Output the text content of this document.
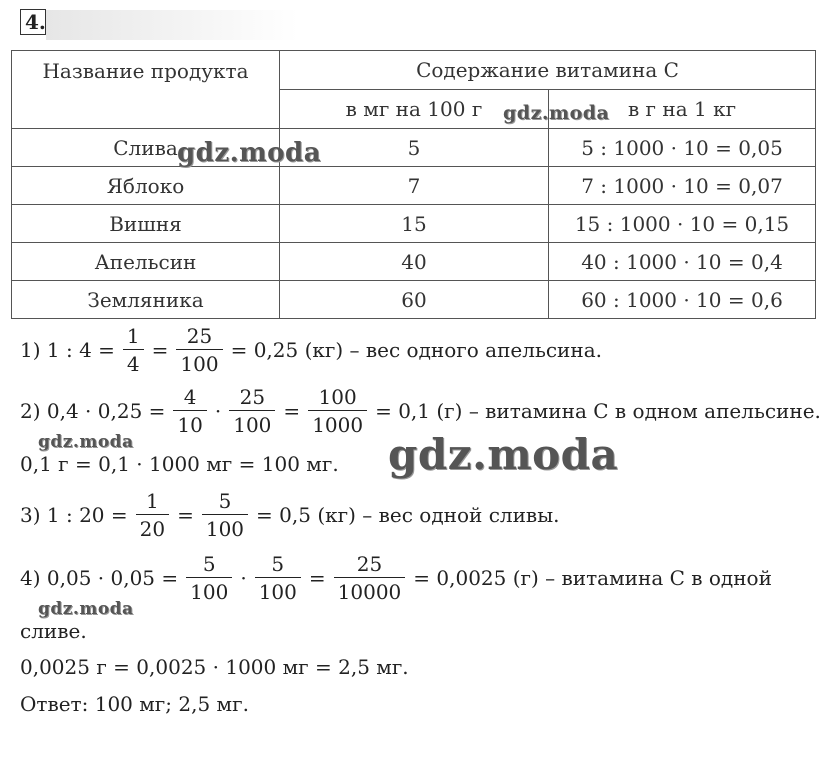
4.
Название продукта	Содержание витамина С	
	в мг на 100 г	в г на 1 кг
Слива	5	5 : 1000 · 10 = 0,05
Яблоко	7	7 : 1000 · 10 = 0,07
Вишня	15	15 : 1000 · 10 = 0,15
Апельсин	40	40 : 1000 · 10 = 0,4
Земляника	60	60 : 1000 · 10 = 0,6
1) 1 : $4 = \frac{1}{4} = \frac{25}{100} = 0,25$ (кг) – вес одного апельсина.
2) $0,4 \cdot 0,25 = \frac{4}{10} \cdot \frac{25}{100} = \frac{100}{1000} = 0,1$ (г) – витамина С в одном апельсине.
0,1 г = 0,1 · 1000 мг = 100 мг.
3) 1 : $20 = \frac{1}{20} = \frac{5}{100} = 0,5$ (кг) – вес одной сливы.
4) $0,05 \cdot 0,05 = \frac{5}{100} \cdot \frac{5}{100} = \frac{25}{10000} = 0,0025$ (г) – витамина С в одной
сливе.
0,0025 г = 0,0025 · 1000 мг = 2,5 мг.
Ответ: 100 мг; 2,5 мг.
gdz.moda
gdz.moda
gdz.moda
gdz.moda
gdz.moda
